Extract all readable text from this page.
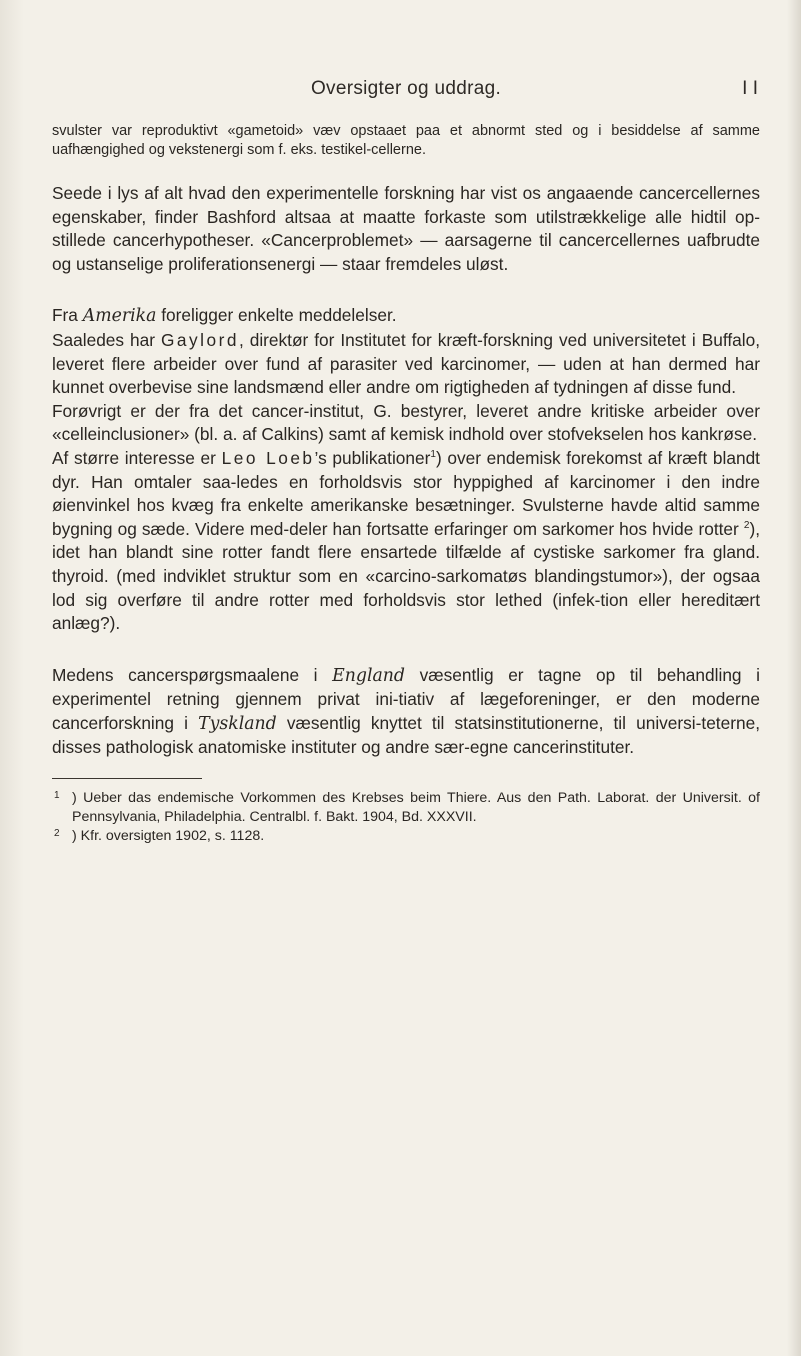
Oversigter og uddrag.	I I

svulster var reproduktivt «gametoid» væv opstaaet paa et abnormt sted og i besiddelse af samme uafhængighed og vekstenergi som f. eks. testikel-cellerne.

Seede i lys af alt hvad den experimentelle forskning har vist os angaaende cancercellernes egenskaber, finder Bashford altsaa at maatte forkaste som utilstrækkelige alle hidtil op-stillede cancerhypotheser. «Cancerproblemet» — aarsagerne til cancercellernes uafbrudte og ustanselige proliferationsenergi — staar fremdeles uløst.

Fra Amerika foreligger enkelte meddelelser.

Saaledes har Gaylord, direktør for Institutet for kræft-forskning ved universitetet i Buffalo, leveret flere arbeider over fund af parasiter ved karcinomer, — uden at han dermed har kunnet overbevise sine landsmænd eller andre om rigtigheden af tydningen af disse fund.

Forøvrigt er der fra det cancer-institut, G. bestyrer, leveret andre kritiske arbeider over «celleinclusioner» (bl. a. af Calkins) samt af kemisk indhold over stofvekselen hos kankrøse.

Af større interesse er Leo Loeb’s publikationer$^1$) over endemisk forekomst af kræft blandt dyr. Han omtaler saa-ledes en forholdsvis stor hyppighed af karcinomer i den indre øienvinkel hos kvæg fra enkelte amerikanske besætninger. Svulsterne havde altid samme bygning og sæde. Videre med-deler han fortsatte erfaringer om sarkomer hos hvide rotter $^2$), idet han blandt sine rotter fandt flere ensartede tilfælde af cystiske sarkomer fra gland. thyroid. (med indviklet struktur som en «carcino-sarkomatøs blandingstumor»), der ogsaa lod sig overføre til andre rotter med forholdsvis stor lethed (infek-tion eller hereditært anlæg?).

Medens cancerspørgsmaalene i England væsentlig er tagne op til behandling i experimentel retning gjennem privat ini-tiativ af lægeforeninger, er den moderne cancerforskning i Tyskland væsentlig knyttet til statsinstitutionerne, til universi-teterne, disses pathologisk anatomiske instituter og andre sær-egne cancerinstituter.

1 ) Ueber das endemische Vorkommen des Krebses beim Thiere. Aus den Path. Laborat. der Universit. of Pennsylvania, Philadelphia. Centralbl. f. Bakt. 1904, Bd. XXXVII.

2 ) Kfr. oversigten 1902, s. 1128.
